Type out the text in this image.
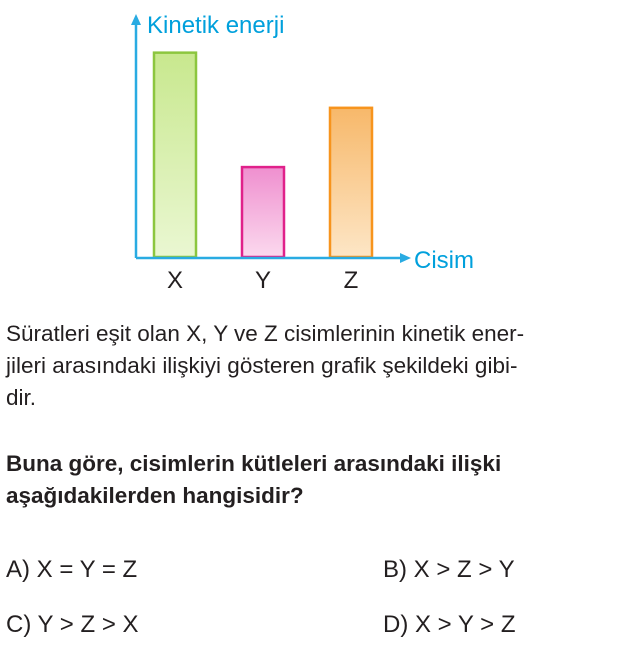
Kinetik enerji
Cisim
X	Y	Z

Süratleri eşit olan X, Y ve Z cisimlerinin kinetik ener-
jileri arasındaki ilişkiyi gösteren grafik şekildeki gibi-
dir.

Buna göre, cisimlerin kütleleri arasındaki ilişki
aşağıdakilerden hangisidir?

A) X = Y = Z	B) X > Z > Y
C) Y > Z > X	D) X > Y > Z
